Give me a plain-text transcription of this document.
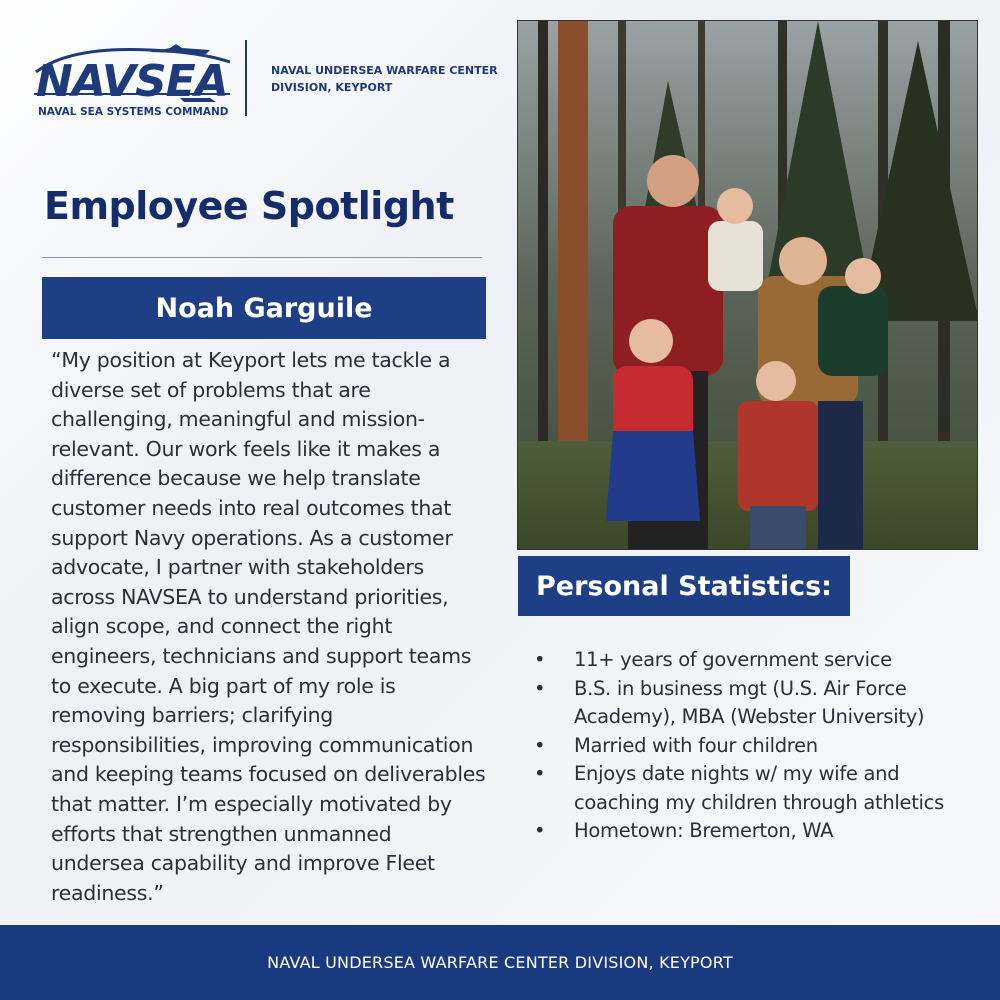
NAVSEA
NAVAL SEA SYSTEMS COMMAND
NAVAL UNDERSEA WARFARE CENTER
DIVISION, KEYPORT
Employee Spotlight
Noah Garguile
“My position at Keyport lets me tackle a diverse set of problems that are challenging, meaningful and mission-relevant. Our work feels like it makes a difference because we help translate customer needs into real outcomes that support Navy operations. As a customer advocate, I partner with stakeholders across NAVSEA to understand priorities, align scope, and connect the right engineers, technicians and support teams to execute. A big part of my role is removing barriers; clarifying responsibilities, improving communication and keeping teams focused on deliverables that matter. I’m especially motivated by efforts that strengthen unmanned undersea capability and improve Fleet readiness.”
Personal Statistics:
• 11+ years of government service
• B.S. in business mgt (U.S. Air Force Academy), MBA (Webster University)
• Married with four children
• Enjoys date nights w/ my wife and coaching my children through athletics
• Hometown: Bremerton, WA
NAVAL UNDERSEA WARFARE CENTER DIVISION, KEYPORT
